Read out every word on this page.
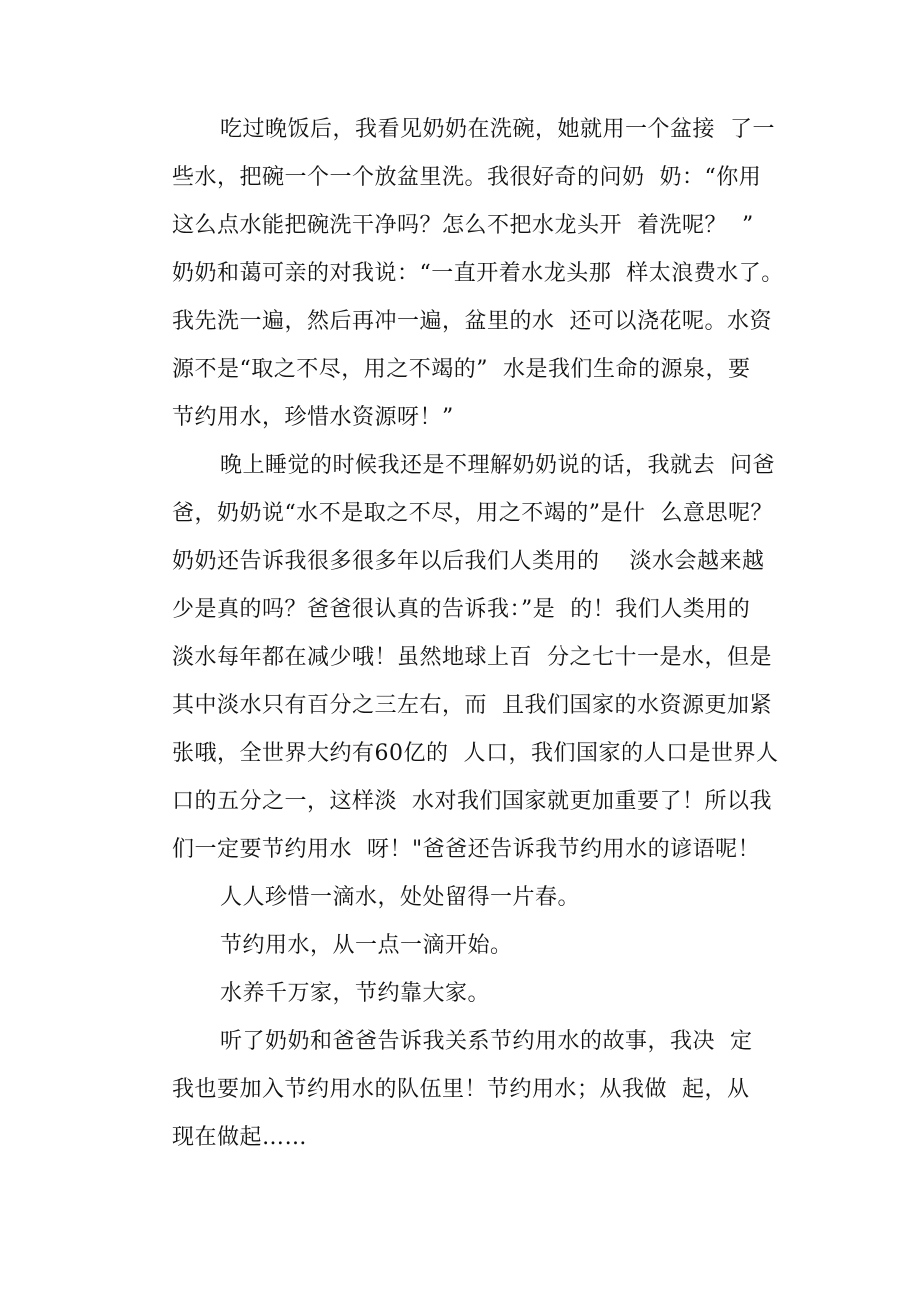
吃过晚饭后，我看见奶奶在洗碗，她就用一个盆接  了一
些水，把碗一个一个放盆里洗。我很好奇的问奶  奶：“你用
这么点水能把碗洗干净吗？怎么不把水龙头开  着洗呢？  ”
奶奶和蔼可亲的对我说：“一直开着水龙头那  样太浪费水了。
我先洗一遍，然后再冲一遍，盆里的水  还可以浇花呢。水资
源不是“取之不尽，用之不竭的”  水是我们生命的源泉，要
节约用水，珍惜水资源呀！”
晚上睡觉的时候我还是不理解奶奶说的话，我就去  问爸
爸，奶奶说“水不是取之不尽，用之不竭的”是什  么意思呢？
奶奶还告诉我很多很多年以后我们人类用的    淡水会越来越
少是真的吗？爸爸很认真的告诉我：”是  的！我们人类用的
淡水每年都在减少哦！虽然地球上百  分之七十一是水，但是
其中淡水只有百分之三左右，而  且我们国家的水资源更加紧
张哦，全世界大约有60亿的  人口，我们国家的人口是世界人
口的五分之一，这样淡  水对我们国家就更加重要了！所以我
们一定要节约用水  呀！"爸爸还告诉我节约用水的谚语呢！
人人珍惜一滴水，处处留得一片春。
节约用水，从一点一滴开始。
水养千万家，节约靠大家。
听了奶奶和爸爸告诉我关系节约用水的故事，我决  定
我也要加入节约用水的队伍里！节约用水；从我做  起，从
现在做起……
